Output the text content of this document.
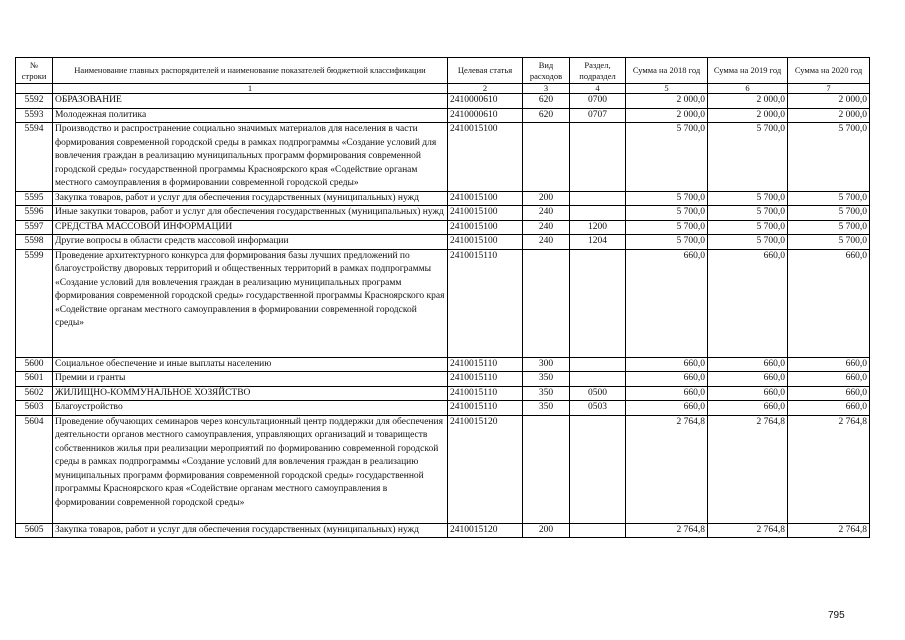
№ строки	Наименование главных распорядителей и наименование показателей бюджетной классификации	Целевая статья	Вид расходов	Раздел, подраздел	Сумма на 2018 год	Сумма на 2019 год	Сумма на 2020 год
	1	2	3	4	5	6	7
5592	ОБРАЗОВАНИЕ	2410000610	620	0700	2 000,0	2 000,0	2 000,0
5593	Молодежная политика	2410000610	620	0707	2 000,0	2 000,0	2 000,0
5594	Производство и распространение социально значимых материалов для населения в части формирования современной городской среды в рамках подпрограммы «Создание условий для вовлечения граждан в реализацию муниципальных программ формирования современной городской среды» государственной программы Красноярского края «Содействие органам местного самоуправления в формировании современной городской среды»	2410015100			5 700,0	5 700,0	5 700,0
5595	Закупка товаров, работ и услуг для обеспечения государственных (муниципальных) нужд	2410015100	200		5 700,0	5 700,0	5 700,0
5596	Иные закупки товаров, работ и услуг для обеспечения государственных (муниципальных) нужд	2410015100	240		5 700,0	5 700,0	5 700,0
5597	СРЕДСТВА МАССОВОЙ ИНФОРМАЦИИ	2410015100	240	1200	5 700,0	5 700,0	5 700,0
5598	Другие вопросы в области средств массовой информации	2410015100	240	1204	5 700,0	5 700,0	5 700,0
5599	Проведение архитектурного конкурса для формирования базы лучших предложений по благоустройству дворовых территорий и общественных территорий в рамках подпрограммы «Создание условий для вовлечения граждан в реализацию муниципальных программ формирования современной городской среды» государственной программы Красноярского края «Содействие органам местного самоуправления в формировании современной городской среды»	2410015110			660,0	660,0	660,0
5600	Социальное обеспечение и иные выплаты населению	2410015110	300		660,0	660,0	660,0
5601	Премии и гранты	2410015110	350		660,0	660,0	660,0
5602	ЖИЛИЩНО-КОММУНАЛЬНОЕ ХОЗЯЙСТВО	2410015110	350	0500	660,0	660,0	660,0
5603	Благоустройство	2410015110	350	0503	660,0	660,0	660,0
5604	Проведение обучающих семинаров через консультационный центр поддержки для обеспечения деятельности органов местного самоуправления, управляющих организаций и товариществ собственников жилья при реализации мероприятий по формированию современной городской среды в рамках подпрограммы «Создание условий для вовлечения граждан в реализацию муниципальных программ формирования современной городской среды» государственной программы Красноярского края «Содействие органам местного самоуправления в формировании современной городской среды»	2410015120			2 764,8	2 764,8	2 764,8
5605	Закупка товаров, работ и услуг для обеспечения государственных (муниципальных) нужд	2410015120	200		2 764,8	2 764,8	2 764,8
795
